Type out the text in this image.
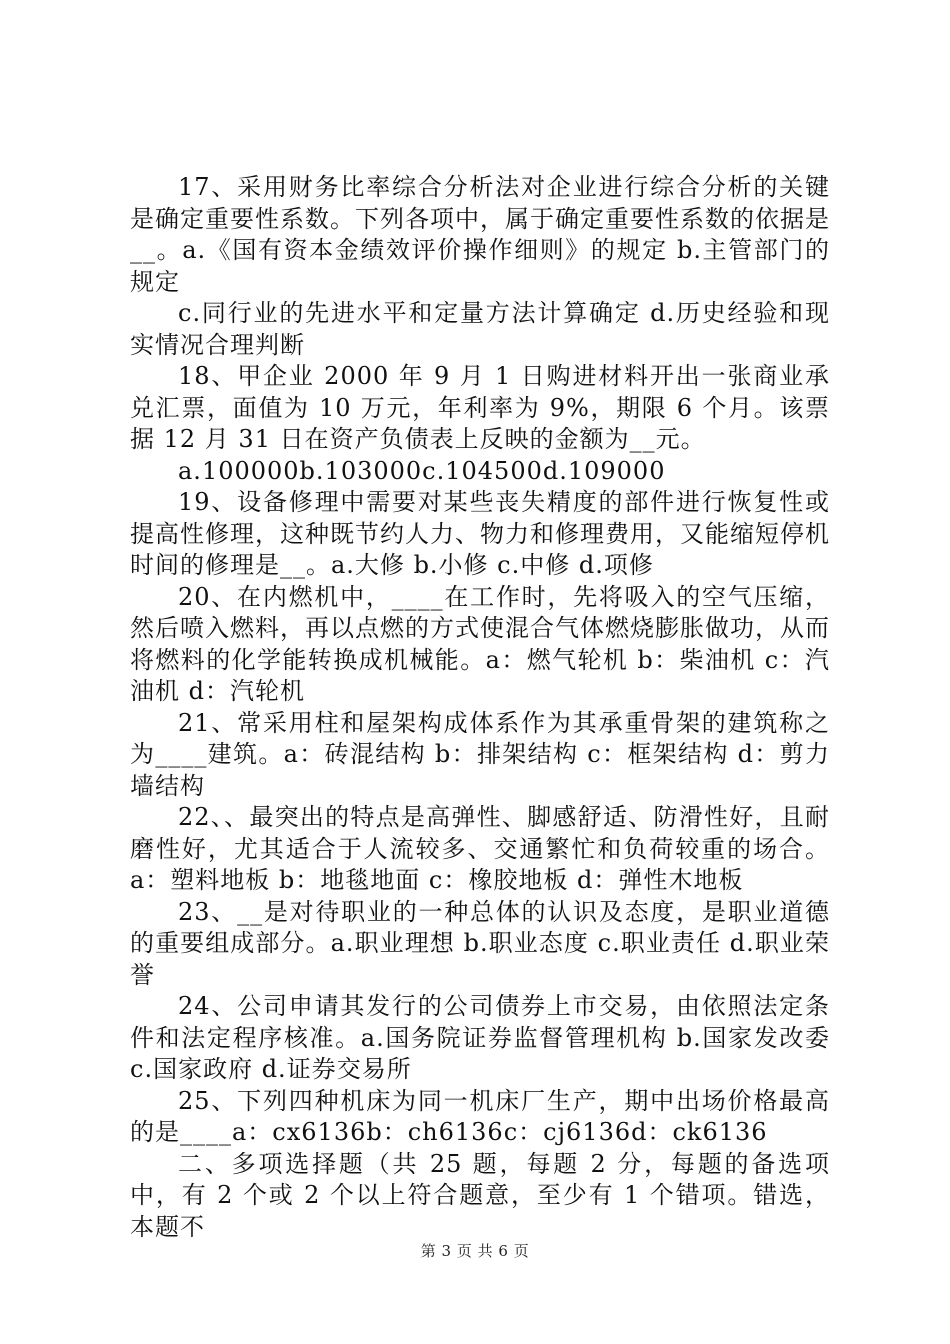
17、采用财务比率综合分析法对企业进行综合分析的关键是确定重要性系数。下列各项中，属于确定重要性系数的依据是__。a.《国有资本金绩效评价操作细则》的规定 b.主管部门的规定

c.同行业的先进水平和定量方法计算确定 d.历史经验和现实情况合理判断

18、甲企业 2000 年 9 月 1 日购进材料开出一张商业承兑汇票，面值为 10 万元，年利率为 9%，期限 6 个月。该票据 12 月 31 日在资产负债表上反映的金额为__元。

a.100000b.103000c.104500d.109000

19、设备修理中需要对某些丧失精度的部件进行恢复性或提高性修理，这种既节约人力、物力和修理费用，又能缩短停机时间的修理是__。a.大修 b.小修 c.中修 d.项修

20、在内燃机中，____在工作时，先将吸入的空气压缩，然后喷入燃料，再以点燃的方式使混合气体燃烧膨胀做功，从而将燃料的化学能转换成机械能。a：燃气轮机 b：柴油机 c：汽油机 d：汽轮机

21、常采用柱和屋架构成体系作为其承重骨架的建筑称之为____建筑。a：砖混结构 b：排架结构 c：框架结构 d：剪力墙结构

22、、最突出的特点是高弹性、脚感舒适、防滑性好，且耐磨性好，尤其适合于人流较多、交通繁忙和负荷较重的场合。a：塑料地板 b：地毯地面 c：橡胶地板 d：弹性木地板

23、__是对待职业的一种总体的认识及态度，是职业道德的重要组成部分。a.职业理想 b.职业态度 c.职业责任 d.职业荣誉

24、公司申请其发行的公司债券上市交易，由依照法定条件和法定程序核准。a.国务院证券监督管理机构 b.国家发改委 c.国家政府 d.证券交易所

25、下列四种机床为同一机床厂生产，期中出场价格最高的是____a：cx6136b：ch6136c：cj6136d：ck6136

二、多项选择题（共 25 题，每题 2 分，每题的备选项中，有 2 个或 2 个以上符合题意，至少有 1 个错项。错选，本题不

第 3 页 共 6 页
